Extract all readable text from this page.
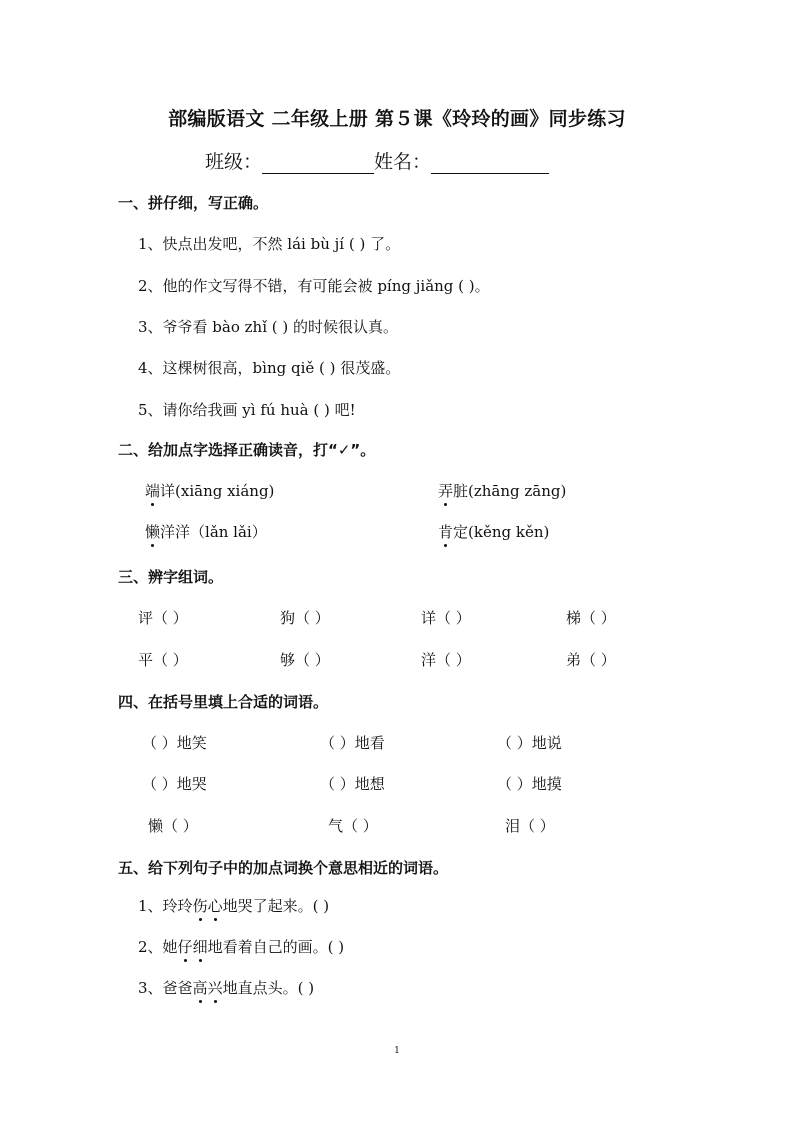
部编版语文 二年级上册 第５课《玲玲的画》同步练习
班级：	姓名：
一、拼仔细，写正确。
1、快点出发吧，不然 lái bù jí ( ) 了。
2、他的作文写得不错，有可能会被 píng jiǎng ( )。
3、爷爷看 bào zhǐ ( ) 的时候很认真。
4、这棵树很高，bìng qiě ( ) 很茂盛。
5、请你给我画 yì fú huà ( ) 吧!
二、给加点字选择正确读音，打“✓”。
端详(xiāng xiáng)	弄脏(zhāng zāng)
懒洋洋（lǎn lǎi）	肯定(kěng kěn)
三、辨字组词。
评（ ）	狗（ ）	详（ ）	梯（ ）
平（ ）	够（ ）	洋（ ）	弟（ ）
四、在括号里填上合适的词语。
（ ）地笑	（ ）地看	（ ）地说
（ ）地哭	（ ）地想	（ ）地摸
懒（ ）	气（ ）	泪（ ）
五、给下列句子中的加点词换个意思相近的词语。
1、玲玲伤心地哭了起来。( )
2、她仔细地看着自己的画。( )
3、爸爸高兴地直点头。( )
1
